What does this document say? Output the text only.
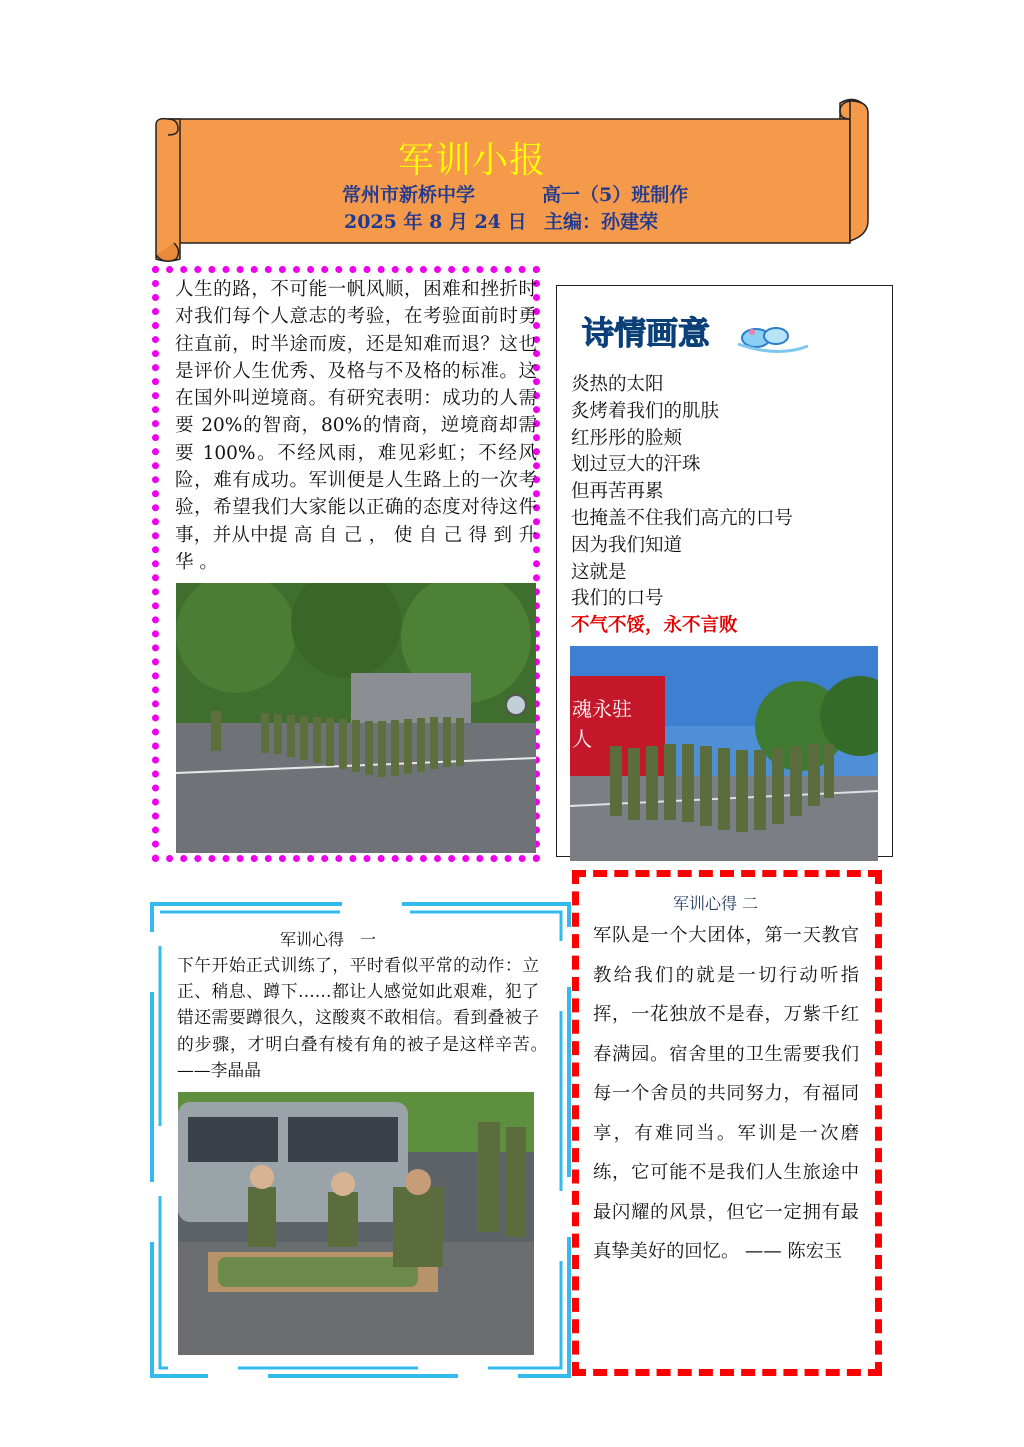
军训小报
常州市新桥中学	高一（5）班制作
2025 年 8 月 24 日 主编：孙建荣
人生的路，不可能一帆风顺，困难和挫折时对我们每个人意志的考验，在考验面前时勇往直前，时半途而废，还是知难而退？这也是评价人生优秀、及格与不及格的标准。这在国外叫逆境商。有研究表明：成功的人需要 20%的智商，80%的情商，逆境商却需要 100%。不经风雨，难见彩虹；不经风险，难有成功。军训便是人生路上的一次考验，希望我们大家能以正确的态度对待这件事，并从中提 高 自 己 ， 使 自 己 得 到 升 华 。
诗情画意
炎热的太阳
炙烤着我们的肌肤
红彤彤的脸颊
划过豆大的汗珠
但再苦再累
也掩盖不住我们高亢的口号
因为我们知道
这就是
我们的口号
不气不馁，永不言败
魂永驻
人
军训心得　一
下午开始正式训练了，平时看似平常的动作：立正、稍息、蹲下……都让人感觉如此艰难，犯了错还需要蹲很久，这酸爽不敢相信。看到叠被子的步骤，才明白叠有棱有角的被子是这样辛苦。　——李晶晶
军训心得 二
军队是一个大团体，第一天教官教给我们的就是一切行动听指挥，一花独放不是春，万紫千红春满园。宿舍里的卫生需要我们每一个舍员的共同努力，有福同享，有难同当。军训是一次磨练，它可能不是我们人生旅途中最闪耀的风景，但它一定拥有最真挚美好的回忆。 —— 陈宏玉
